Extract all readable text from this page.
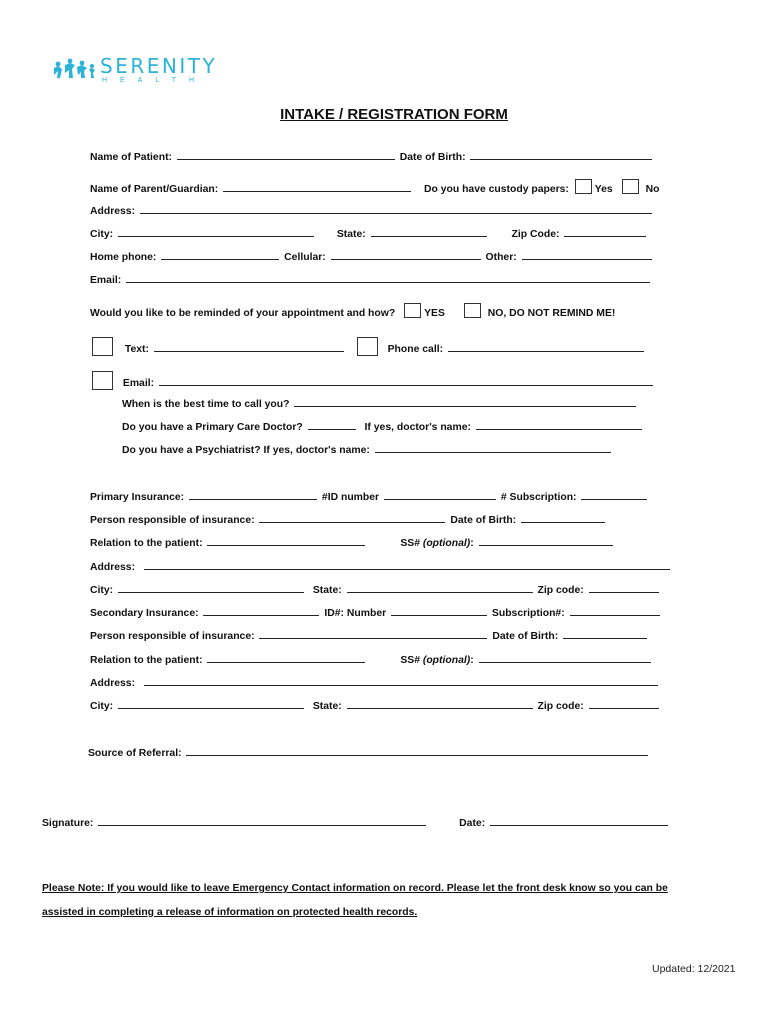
SERENITY
HEALTH
INTAKE / REGISTRATION FORM
Name of Patient:	Date of Birth:
Name of Parent/Guardian:	Do you have custody papers: Yes	No
Address:
City:	State:	Zip Code:
Home phone:	Cellular:	Other:
Email:
Would you like to be reminded of your appointment and how?	YES	NO, DO NOT REMIND ME!
Text:	Phone call:
Email:
When is the best time to call you?
Do you have a Primary Care Doctor?	If yes, doctor's name:
Do you have a Psychiatrist? If yes, doctor's name:
Primary Insurance:	#ID number	# Subscription:
Person responsible of insurance:	Date of Birth:
Relation to the patient:	SS# (optional):
Address:
City:	State:	Zip code:
Secondary Insurance:	ID#: Number	Subscription#:
Person responsible of insurance:	Date of Birth:
Relation to the patient:	SS# (optional):
Address:
City:	State:	Zip code:
Source of Referral:
Signature:	Date:
Please Note: If you would like to leave Emergency Contact information on record. Please let the front desk know so you can be
assisted in completing a release of information on protected health records.
Updated: 12/2021
